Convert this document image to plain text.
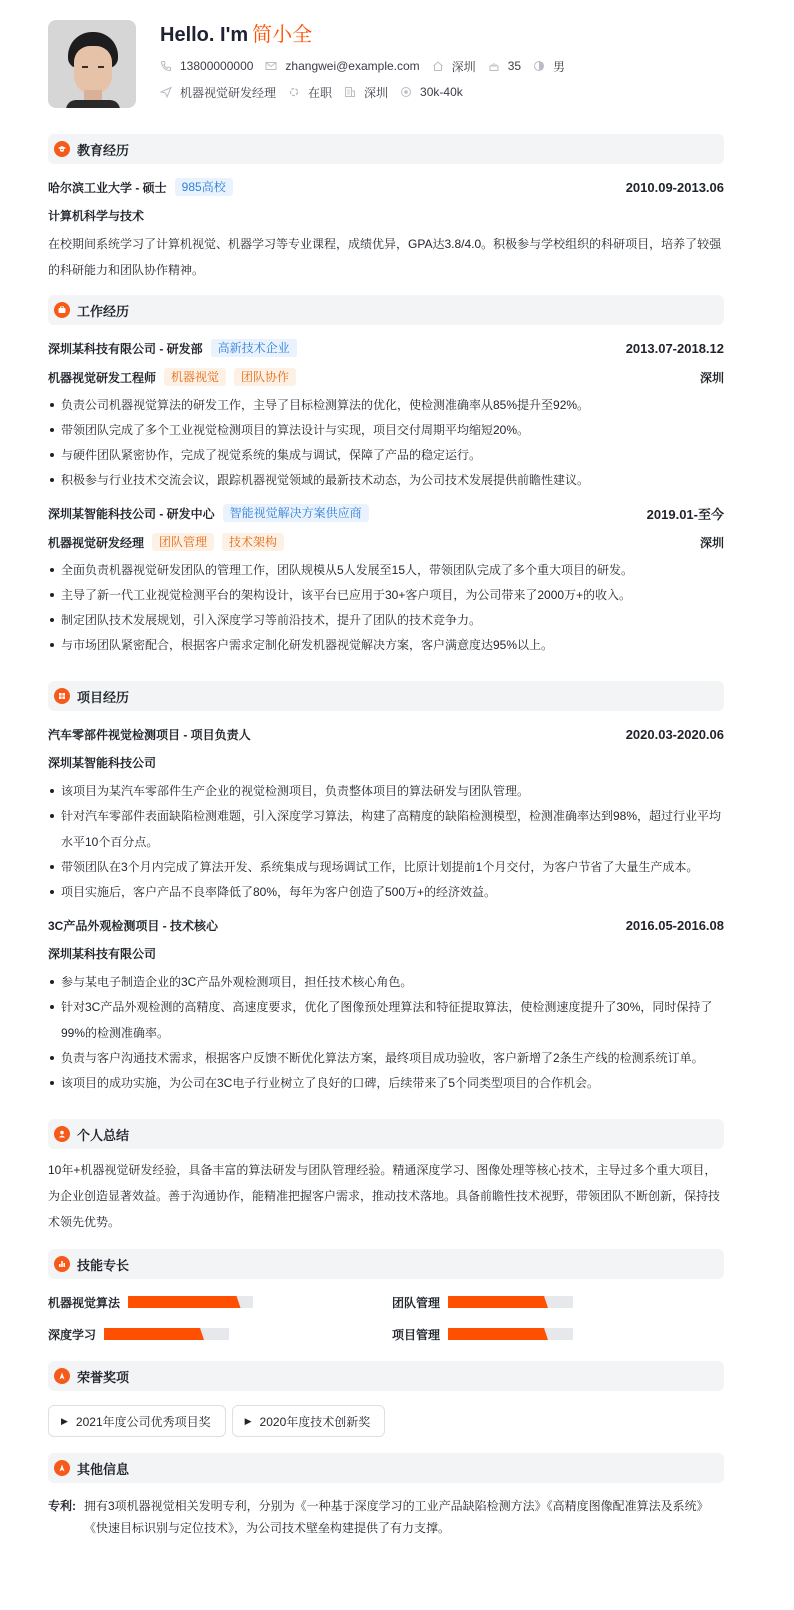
Hello. I'm 简小全
13800000000	zhangwei@example.com	深圳	35	男
机器视觉研发经理	在职	深圳	30k-40k
教育经历
哈尔滨工业大学 - 硕士	985高校	2010.09-2013.06
计算机科学与技术
在校期间系统学习了计算机视觉、机器学习等专业课程，成绩优异，GPA达3.8/4.0。积极参与学校组织的科研项目，培养了较强的科研能力和团队协作精神。
工作经历
深圳某科技有限公司 - 研发部	高新技术企业	2013.07-2018.12
机器视觉研发工程师	机器视觉	团队协作	深圳
负责公司机器视觉算法的研发工作，主导了目标检测算法的优化，使检测准确率从85%提升至92%。
带领团队完成了多个工业视觉检测项目的算法设计与实现，项目交付周期平均缩短20%。
与硬件团队紧密协作，完成了视觉系统的集成与调试，保障了产品的稳定运行。
积极参与行业技术交流会议，跟踪机器视觉领域的最新技术动态，为公司技术发展提供前瞻性建议。
深圳某智能科技公司 - 研发中心	智能视觉解决方案供应商	2019.01-至今
机器视觉研发经理	团队管理	技术架构	深圳
全面负责机器视觉研发团队的管理工作，团队规模从5人发展至15人，带领团队完成了多个重大项目的研发。
主导了新一代工业视觉检测平台的架构设计，该平台已应用于30+客户项目，为公司带来了2000万+的收入。
制定团队技术发展规划，引入深度学习等前沿技术，提升了团队的技术竞争力。
与市场团队紧密配合，根据客户需求定制化研发机器视觉解决方案，客户满意度达95%以上。
项目经历
汽车零部件视觉检测项目 - 项目负责人	2020.03-2020.06
深圳某智能科技公司
该项目为某汽车零部件生产企业的视觉检测项目，负责整体项目的算法研发与团队管理。
针对汽车零部件表面缺陷检测难题，引入深度学习算法，构建了高精度的缺陷检测模型，检测准确率达到98%，超过行业平均水平10个百分点。
带领团队在3个月内完成了算法开发、系统集成与现场调试工作，比原计划提前1个月交付，为客户节省了大量生产成本。
项目实施后，客户产品不良率降低了80%，每年为客户创造了500万+的经济效益。
3C产品外观检测项目 - 技术核心	2016.05-2016.08
深圳某科技有限公司
参与某电子制造企业的3C产品外观检测项目，担任技术核心角色。
针对3C产品外观检测的高精度、高速度要求，优化了图像预处理算法和特征提取算法，使检测速度提升了30%，同时保持了99%的检测准确率。
负责与客户沟通技术需求，根据客户反馈不断优化算法方案，最终项目成功验收，客户新增了2条生产线的检测系统订单。
该项目的成功实施，为公司在3C电子行业树立了良好的口碑，后续带来了5个同类型项目的合作机会。
个人总结
10年+机器视觉研发经验，具备丰富的算法研发与团队管理经验。精通深度学习、图像处理等核心技术，主导过多个重大项目，为企业创造显著效益。善于沟通协作，能精准把握客户需求，推动技术落地。具备前瞻性技术视野，带领团队不断创新，保持技术领先优势。
技能专长
机器视觉算法	团队管理
深度学习	项目管理
荣誉奖项
▶ 2021年度公司优秀项目奖	▶ 2020年度技术创新奖
其他信息
专利: 拥有3项机器视觉相关发明专利，分别为《一种基于深度学习的工业产品缺陷检测方法》《高精度图像配准算法及系统》《快速目标识别与定位技术》，为公司技术壁垒构建提供了有力支撑。
